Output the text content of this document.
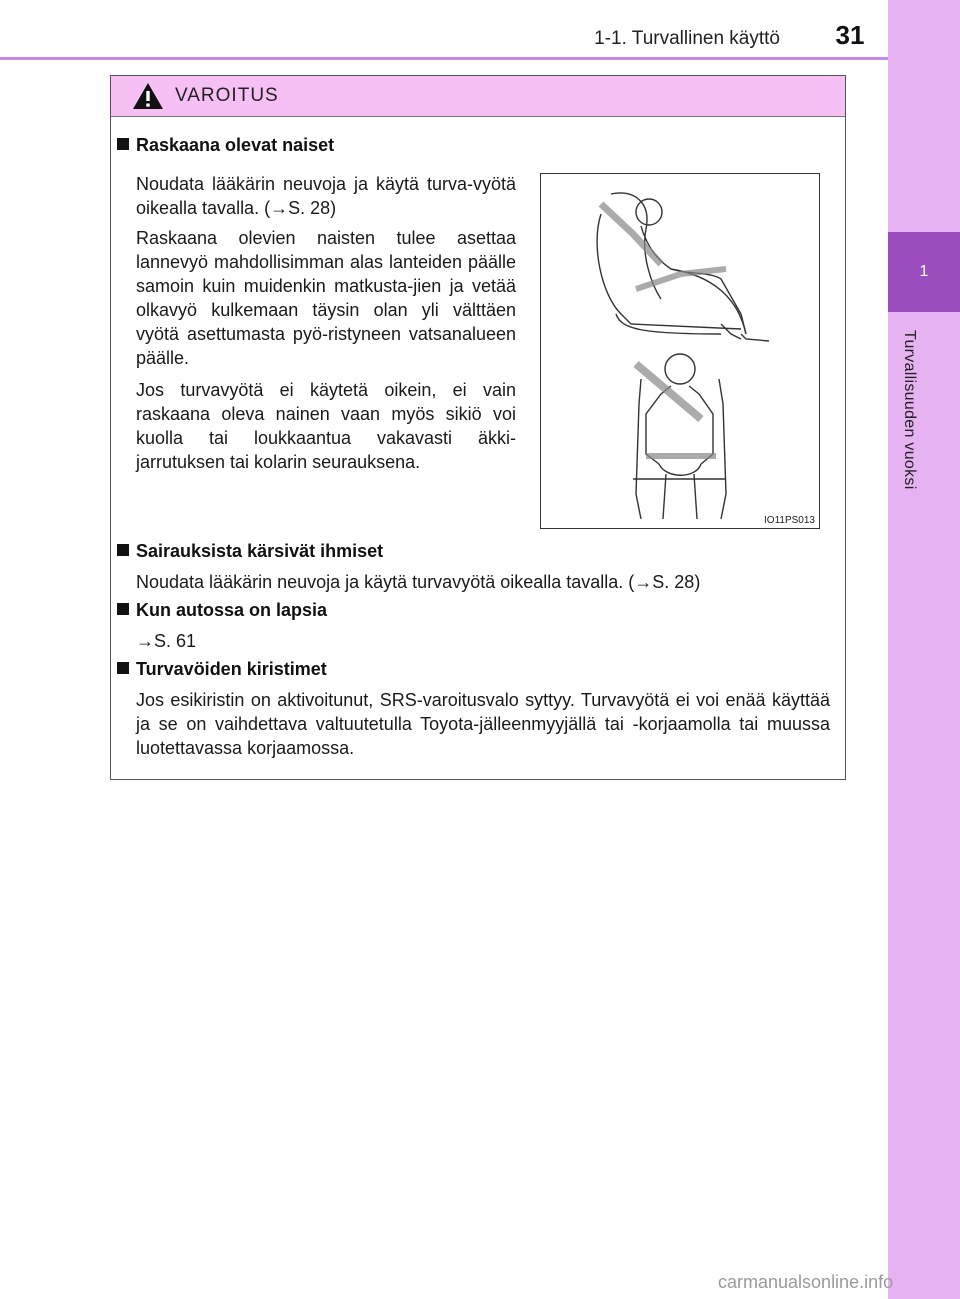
1-1. Turvallinen käyttö	31
1
Turvallisuuden vuoksi
VAROITUS
Raskaana olevat naiset
Noudata lääkärin neuvoja ja käytä turva-vyötä oikealla tavalla. (→S. 28)
Raskaana olevien naisten tulee asettaa lannevyö mahdollisimman alas lanteiden päälle samoin kuin muidenkin matkusta-jien ja vetää olkavyö kulkemaan täysin olan yli välttäen vyötä asettumasta pyö-ristyneen vatsanalueen päälle.
Jos turvavyötä ei käytetä oikein, ei vain raskaana oleva nainen vaan myös sikiö voi kuolla tai loukkaantua vakavasti äkki-jarrutuksen tai kolarin seurauksena.
IO11PS013
Sairauksista kärsivät ihmiset
Noudata lääkärin neuvoja ja käytä turvavyötä oikealla tavalla. (→S. 28)
Kun autossa on lapsia
→S. 61
Turvavöiden kiristimet
Jos esikiristin on aktivoitunut, SRS-varoitusvalo syttyy. Turvavyötä ei voi enää käyttää ja se on vaihdettava valtuutetulla Toyota-jälleenmyyjällä tai -korjaamolla tai muussa luotettavassa korjaamossa.
carmanualsonline.info
